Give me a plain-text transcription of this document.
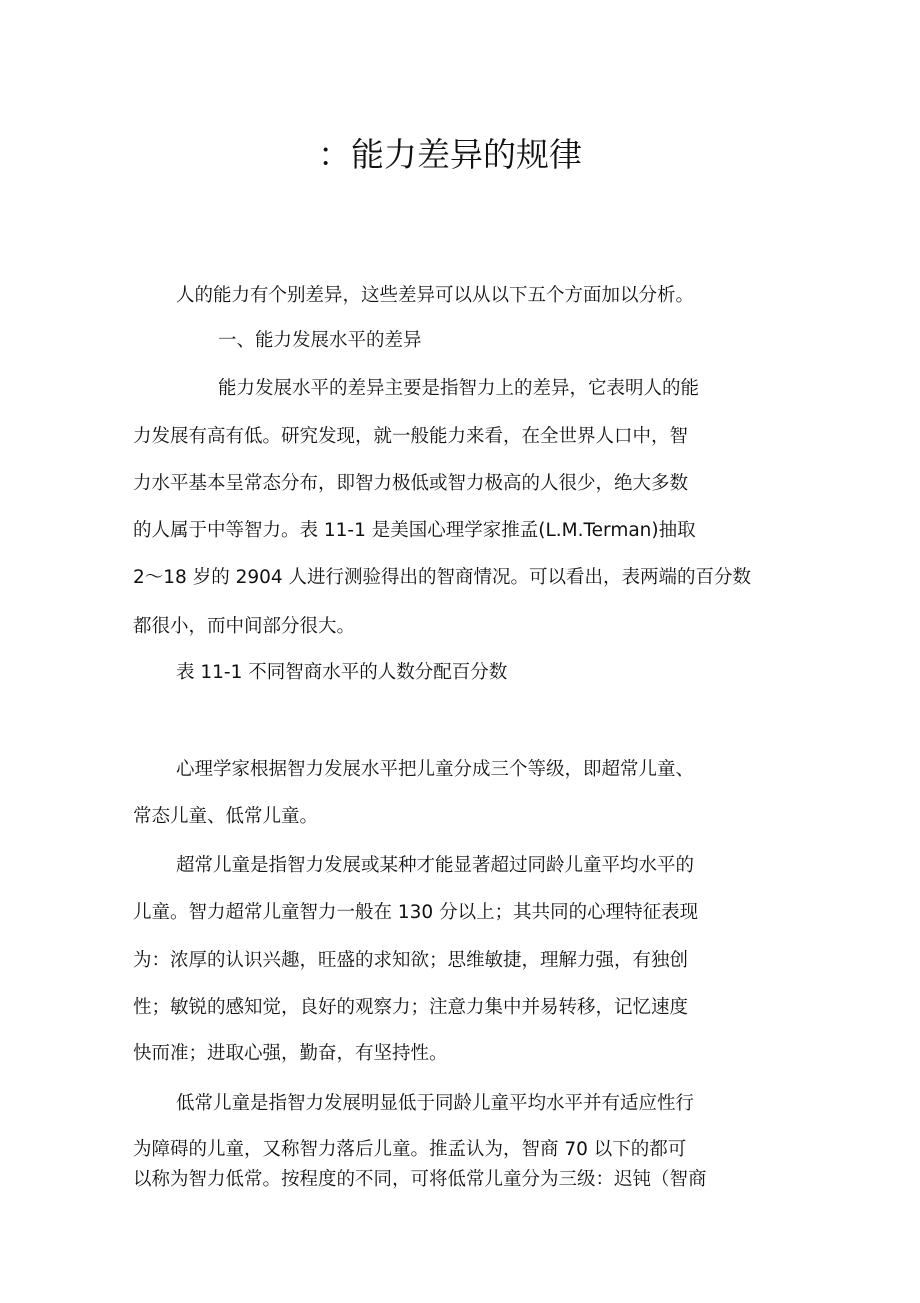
：能力差异的规律
人的能力有个别差异，这些差异可以从以下五个方面加以分析。
一、能力发展水平的差异
能力发展水平的差异主要是指智力上的差异，它表明人的能
力发展有高有低。研究发现，就一般能力来看，在全世界人口中，智
力水平基本呈常态分布，即智力极低或智力极高的人很少，绝大多数
的人属于中等智力。表 11-1 是美国心理学家推孟(L.M.Terman)抽取
2〜18 岁的 2904 人进行测验得出的智商情况。可以看出，表两端的百分数
都很小，而中间部分很大。
表 11-1 不同智商水平的人数分配百分数
心理学家根据智力发展水平把儿童分成三个等级，即超常儿童、
常态儿童、低常儿童。
超常儿童是指智力发展或某种才能显著超过同龄儿童平均水平的
儿童。智力超常儿童智力一般在 130 分以上；其共同的心理特征表现
为：浓厚的认识兴趣，旺盛的求知欲；思维敏捷，理解力强，有独创
性；敏锐的感知觉，良好的观察力；注意力集中并易转移，记忆速度
快而准；进取心强，勤奋，有坚持性。
低常儿童是指智力发展明显低于同龄儿童平均水平并有适应性行
为障碍的儿童，又称智力落后儿童。推孟认为，智商 70 以下的都可
以称为智力低常。按程度的不同，可将低常儿童分为三级：迟钝（智商
